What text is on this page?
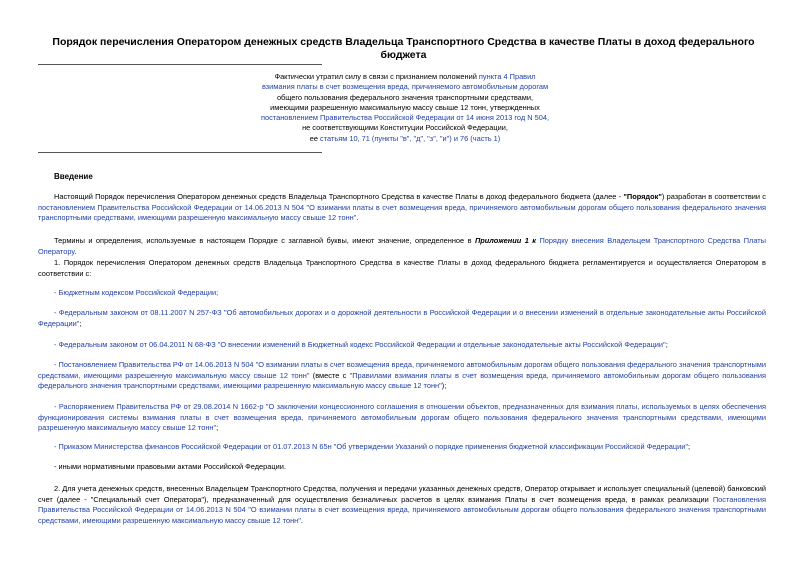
Порядок перечисления Оператором денежных средств Владельца Транспортного Средства в качестве Платы в доход федерального бюджета
Фактически утратил силу в связи с признанием положений пункта 4 Правил
взимания платы в счет возмещения вреда, причиняемого автомобильным дорогам
общего пользования федерального значения транспортными средствами,
имеющими разрешенную максимальную массу свыше 12 тонн, утвержденных
постановлением Правительства Российской Федерации от 14 июня 2013 год N 504,
не соответствующими Конституции Российской Федерации,
ее статьям 10, 71 (пункты "в", "д", "з", "и") и 76 (часть 1)
Введение
Настоящий Порядок перечисления Оператором денежных средств Владельца Транспортного Средства в качестве Платы в доход федерального бюджета (далее - "Порядок") разработан в соответствии с постановлением Правительства Российской Федерации от 14.06.2013 N 504 "О взимании платы в счет возмещения вреда, причиняемого автомобильным дорогам общего пользования федерального значения транспортными средствами, имеющими разрешенную максимальную массу свыше 12 тонн".
Термины и определения, используемые в настоящем Порядке с заглавной буквы, имеют значение, определенное в Приложении 1 к Порядку внесения Владельцем Транспортного Средства Платы Оператору.
1. Порядок перечисления Оператором денежных средств Владельца Транспортного Средства в качестве Платы в доход федерального бюджета регламентируется и осуществляется Оператором в соответствии с:
- Бюджетным кодексом Российской Федерации;
- Федеральным законом от 08.11.2007 N 257-ФЗ "Об автомобильных дорогах и о дорожной деятельности в Российской Федерации и о внесении изменений в отдельные законодательные акты Российской Федерации";
- Федеральным законом от 06.04.2011 N 68-ФЗ "О внесении изменений в Бюджетный кодекс Российской Федерации и отдельные законодательные акты Российской Федерации";
- Постановлением Правительства РФ от 14.06.2013 N 504 "О взимании платы в счет возмещения вреда, причиняемого автомобильным дорогам общего пользования федерального значения транспортными средствами, имеющими разрешенную максимальную массу свыше 12 тонн" (вместе с "Правилами взимания платы в счет возмещения вреда, причиняемого автомобильным дорогам общего пользования федерального значения транспортными средствами, имеющими разрешенную максимальную массу свыше 12 тонн");
- Распоряжением Правительства РФ от 29.08.2014 N 1662-р "О заключении концессионного соглашения в отношении объектов, предназначенных для взимания платы, используемых в целях обеспечения функционирования системы взимания платы в счет возмещения вреда, причиняемого автомобильным дорогам общего пользования федерального значения транспортными средствами, имеющими разрешенную максимальную массу свыше 12 тонн";
- Приказом Министерства финансов Российской Федерации от 01.07.2013 N 65н "Об утверждении Указаний о порядке применения бюджетной классификации Российской Федерации";
- иными нормативными правовыми актами Российской Федерации.
2. Для учета денежных средств, внесенных Владельцем Транспортного Средства, получения и передачи указанных денежных средств, Оператор открывает и использует специальный (целевой) банковский счет (далее - "Специальный счет Оператора"), предназначенный для осуществления безналичных расчетов в целях взимания Платы в счет возмещения вреда, в рамках реализации Постановления Правительства Российской Федерации от 14.06.2013 N 504 "О взимании платы в счет возмещения вреда, причиняемого автомобильным дорогам общего пользования федерального значения транспортными средствами, имеющими разрешенную максимальную массу свыше 12 тонн".
